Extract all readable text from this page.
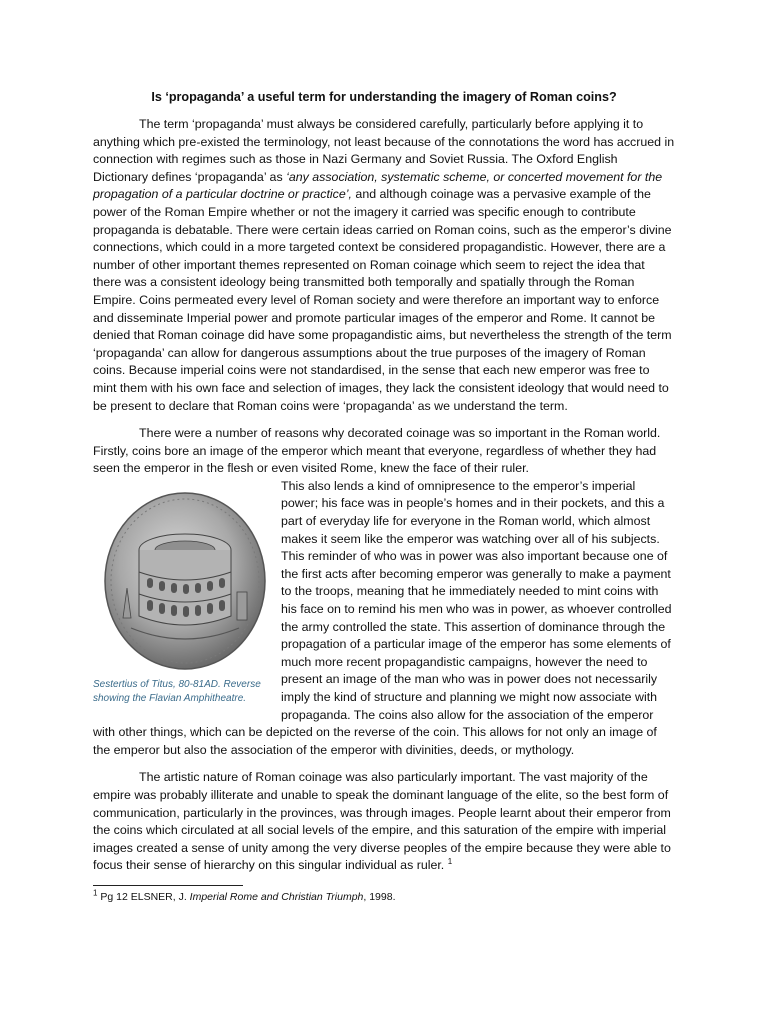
Is ‘propaganda’ a useful term for understanding the imagery of Roman coins?

The term ‘propaganda’ must always be considered carefully, particularly before applying it to anything which pre-existed the terminology, not least because of the connotations the word has accrued in connection with regimes such as those in Nazi Germany and Soviet Russia. The Oxford English Dictionary defines ‘propaganda’ as ‘any association, systematic scheme, or concerted movement for the propagation of a particular doctrine or practice’, and although coinage was a pervasive example of the power of the Roman Empire whether or not the imagery it carried was specific enough to contribute propaganda is debatable. There were certain ideas carried on Roman coins, such as the emperor’s divine connections, which could in a more targeted context be considered propagandistic. However, there are a number of other important themes represented on Roman coinage which seem to reject the idea that there was a consistent ideology being transmitted both temporally and spatially through the Roman Empire. Coins permeated every level of Roman society and were therefore an important way to enforce and disseminate Imperial power and promote particular images of the emperor and Rome. It cannot be denied that Roman coinage did have some propagandistic aims, but nevertheless the strength of the term ‘propaganda’ can allow for dangerous assumptions about the true purposes of the imagery of Roman coins. Because imperial coins were not standardised, in the sense that each new emperor was free to mint them with his own face and selection of images, they lack the consistent ideology that would need to be present to declare that Roman coins were ‘propaganda’ as we understand the term.

There were a number of reasons why decorated coinage was so important in the Roman world. Firstly, coins bore an image of the emperor which meant that everyone, regardless of whether they had seen the emperor in the flesh or even visited Rome, knew the face of their ruler.

Sestertius of Titus, 80-81AD. Reverse showing the Flavian Amphitheatre.

This also lends a kind of omnipresence to the emperor’s imperial power; his face was in people’s homes and in their pockets, and this a part of everyday life for everyone in the Roman world, which almost makes it seem like the emperor was watching over all of his subjects. This reminder of who was in power was also important because one of the first acts after becoming emperor was generally to make a payment to the troops, meaning that he immediately needed to mint coins with his face on to remind his men who was in power, as whoever controlled the army controlled the state. This assertion of dominance through the propagation of a particular image of the emperor has some elements of much more recent propagandistic campaigns, however the need to present an image of the man who was in power does not necessarily imply the kind of structure and planning we might now associate with propaganda. The coins also allow for the association of the emperor with other things, which can be depicted on the reverse of the coin. This allows for not only an image of the emperor but also the association of the emperor with divinities, deeds, or mythology.

The artistic nature of Roman coinage was also particularly important. The vast majority of the empire was probably illiterate and unable to speak the dominant language of the elite, so the best form of communication, particularly in the provinces, was through images. People learnt about their emperor from the coins which circulated at all social levels of the empire, and this saturation of the empire with imperial images created a sense of unity among the very diverse peoples of the empire because they were able to focus their sense of hierarchy on this singular individual as ruler. $^1$

$^1$ Pg 12 ELSNER, J. Imperial Rome and Christian Triumph, 1998.
